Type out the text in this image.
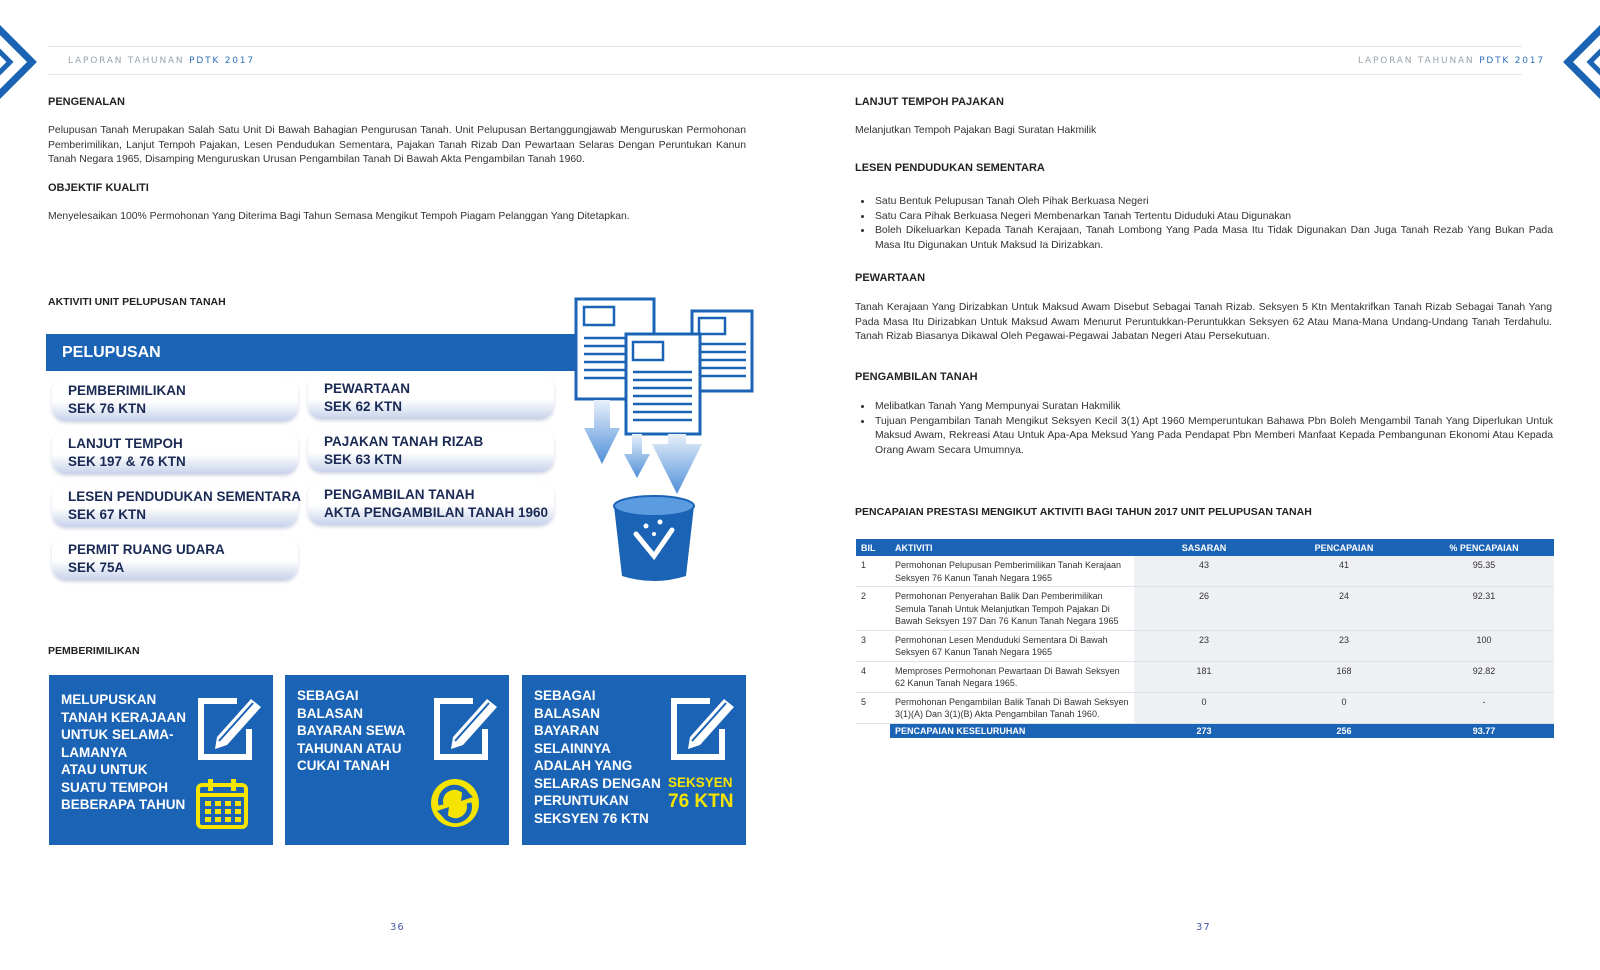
LAPORAN TAHUNAN PDTK 2017	LAPORAN TAHUNAN PDTK 2017
PENGENALAN
Pelupusan Tanah Merupakan Salah Satu Unit Di Bawah Bahagian Pengurusan Tanah. Unit Pelupusan Bertanggungjawab Menguruskan Permohonan Pemberimilikan, Lanjut Tempoh Pajakan, Lesen Pendudukan Sementara, Pajakan Tanah Rizab Dan Pewartaan Selaras Dengan Peruntukan Kanun Tanah Negara 1965, Disamping Menguruskan Urusan Pengambilan Tanah Di Bawah Akta Pengambilan Tanah 1960.
OBJEKTIF KUALITI
Menyelesaikan 100% Permohonan Yang Diterima Bagi Tahun Semasa Mengikut Tempoh Piagam Pelanggan Yang Ditetapkan.
AKTIVITI UNIT PELUPUSAN TANAH
PELUPUSAN
PEMBERIMILIKAN
SEK 76 KTN
PEWARTAAN
SEK 62 KTN
LANJUT TEMPOH
SEK 197 & 76 KTN
PAJAKAN TANAH RIZAB
SEK 63 KTN
LESEN PENDUDUKAN SEMENTARA
SEK 67 KTN
PENGAMBILAN TANAH
AKTA PENGAMBILAN TANAH 1960
PERMIT RUANG UDARA
SEK 75A
PEMBERIMILIKAN
MELUPUSKAN
TANAH KERAJAAN
UNTUK SELAMA-
LAMANYA
ATAU UNTUK
SUATU TEMPOH
BEBERAPA TAHUN
SEBAGAI
BALASAN
BAYARAN SEWA
TAHUNAN ATAU
CUKAI TANAH
SEBAGAI
BALASAN
BAYARAN
SELAINNYA
ADALAH YANG
SELARAS DENGAN
PERUNTUKAN
SEKSYEN 76 KTN
SEKSYEN
76 KTN
36
LANJUT TEMPOH PAJAKAN
Melanjutkan Tempoh Pajakan Bagi Suratan Hakmilik
LESEN PENDUDUKAN SEMENTARA
• Satu Bentuk Pelupusan Tanah Oleh Pihak Berkuasa Negeri
• Satu Cara Pihak Berkuasa Negeri Membenarkan Tanah Tertentu Diduduki Atau Digunakan
• Boleh Dikeluarkan Kepada Tanah Kerajaan, Tanah Lombong Yang Pada Masa Itu Tidak Digunakan Dan Juga Tanah Rezab Yang Bukan Pada Masa Itu Digunakan Untuk Maksud Ia Dirizabkan.
PEWARTAAN
Tanah Kerajaan Yang Dirizabkan Untuk Maksud Awam Disebut Sebagai Tanah Rizab. Seksyen 5 Ktn Mentakrifkan Tanah Rizab Sebagai Tanah Yang Pada Masa Itu Dirizabkan Untuk Maksud Awam Menurut Peruntukkan-Peruntukkan Seksyen 62 Atau Mana-Mana Undang-Undang Tanah Terdahulu. Tanah Rizab Biasanya Dikawal Oleh Pegawai-Pegawai Jabatan Negeri Atau Persekutuan.
PENGAMBILAN TANAH
• Melibatkan Tanah Yang Mempunyai Suratan Hakmilik
• Tujuan Pengambilan Tanah Mengikut Seksyen Kecil 3(1) Apt 1960 Memperuntukan Bahawa Pbn Boleh Mengambil Tanah Yang Diperlukan Untuk Maksud Awam, Rekreasi Atau Untuk Apa-Apa Meksud Yang Pada Pendapat Pbn Memberi Manfaat Kepada Pembangunan Ekonomi Atau Kepada Orang Awam Secara Umumnya.
PENCAPAIAN PRESTASI MENGIKUT AKTIVITI BAGI TAHUN 2017 UNIT PELUPUSAN TANAH
BIL	AKTIVITI	SASARAN	PENCAPAIAN	% PENCAPAIAN
1	Permohonan Pelupusan Pemberimilikan Tanah Kerajaan Seksyen 76 Kanun Tanah Negara 1965	43	41	95.35
2	Permohonan Penyerahan Balik Dan Pemberimilikan Semula Tanah Untuk Melanjutkan Tempoh Pajakan Di Bawah Seksyen 197 Dan 76 Kanun Tanah Negara 1965	26	24	92.31
3	Permohonan Lesen Menduduki Sementara Di Bawah Seksyen 67 Kanun Tanah Negara 1965	23	23	100
4	Memproses Permohonan Pewartaan Di Bawah Seksyen 62 Kanun Tanah Negara 1965.	181	168	92.82
5	Permohonan Pengambilan Balik Tanah Di Bawah Seksyen 3(1)(A) Dan 3(1)(B) Akta Pengambilan Tanah 1960.	0	0	-
	PENCAPAIAN KESELURUHAN	273	256	93.77
37
